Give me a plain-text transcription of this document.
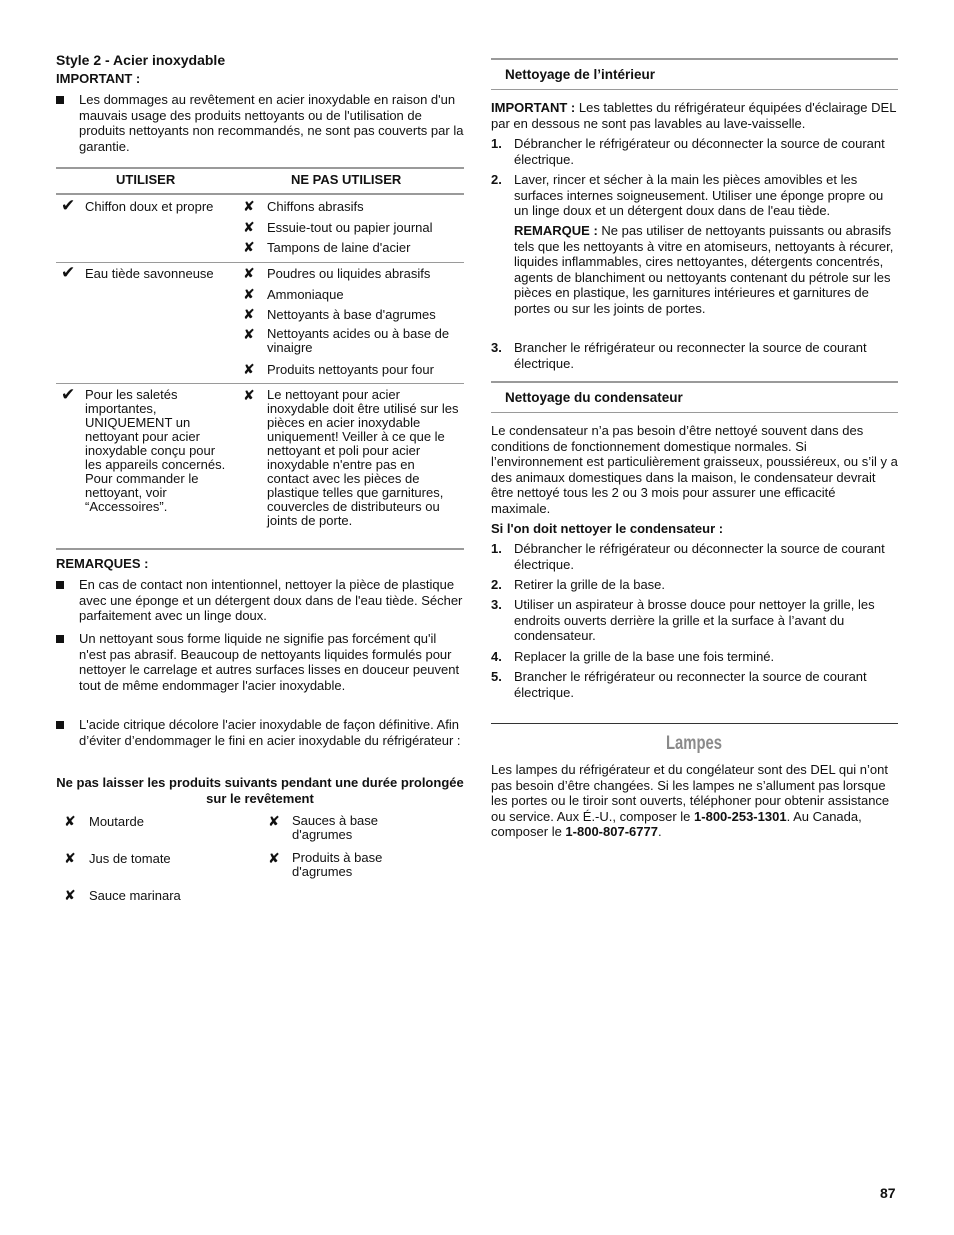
Style 2 - Acier inoxydable
IMPORTANT :

Les dommages au revêtement en acier inoxydable en raison d'un mauvais usage des produits nettoyants ou de l'utilisation de produits nettoyants non recommandés, ne sont pas couverts par la garantie.

UTILISER	NE PAS UTILISER
✔ Chiffon doux et propre	✘ Chiffons abrasifs
✘ Essuie-tout ou papier journal
✘ Tampons de laine d'acier
✔ Eau tiède savonneuse	✘ Poudres ou liquides abrasifs
✘ Ammoniaque
✘ Nettoyants à base d'agrumes
✘ Nettoyants acides ou à base de vinaigre
✘ Produits nettoyants pour four
✔ Pour les saletés importantes, UNIQUEMENT un nettoyant pour acier inoxydable conçu pour les appareils concernés. Pour commander le nettoyant, voir “Accessoires”.
✘ Le nettoyant pour acier inoxydable doit être utilisé sur les pièces en acier inoxydable uniquement! Veiller à ce que le nettoyant et poli pour acier inoxydable n'entre pas en contact avec les pièces de plastique telles que garnitures, couvercles de distributeurs ou joints de porte.
REMARQUES :

En cas de contact non intentionnel, nettoyer la pièce de plastique avec une éponge et un détergent doux dans de l'eau tiède. Sécher parfaitement avec un linge doux.

Un nettoyant sous forme liquide ne signifie pas forcément qu'il n'est pas abrasif. Beaucoup de nettoyants liquides formulés pour nettoyer le carrelage et autres surfaces lisses en douceur peuvent tout de même endommager l'acier inoxydable.

L'acide citrique décolore l'acier inoxydable de façon définitive. Afin d’éviter d’endommager le fini en acier inoxydable du réfrigérateur :

Ne pas laisser les produits suivants pendant une durée prolongée sur le revêtement
✘ Moutarde	✘ Sauces à base d'agrumes
✘ Jus de tomate	✘ Produits à base d'agrumes
✘ Sauce marinara
Nettoyage de l’intérieur

IMPORTANT : Les tablettes du réfrigérateur équipées d'éclairage DEL par en dessous ne sont pas lavables au lave-vaisselle.

1. Débrancher le réfrigérateur ou déconnecter la source de courant électrique.

2. Laver, rincer et sécher à la main les pièces amovibles et les surfaces internes soigneusement. Utiliser une éponge propre ou un linge doux et un détergent doux dans de l'eau tiède.

REMARQUE : Ne pas utiliser de nettoyants puissants ou abrasifs tels que les nettoyants à vitre en atomiseurs, nettoyants à récurer, liquides inflammables, cires nettoyantes, détergents concentrés, agents de blanchiment ou nettoyants contenant du pétrole sur les pièces en plastique, les garnitures intérieures et garnitures de portes ou sur les joints de portes.

3. Brancher le réfrigérateur ou reconnecter la source de courant électrique.

Nettoyage du condensateur

Le condensateur n’a pas besoin d’être nettoyé souvent dans des conditions de fonctionnement domestique normales. Si l’environnement est particulièrement graisseux, poussiéreux, ou s’il y a des animaux domestiques dans la maison, le condensateur devrait être nettoyé tous les 2 ou 3 mois pour assurer une efficacité maximale.

Si l'on doit nettoyer le condensateur :
1. Débrancher le réfrigérateur ou déconnecter la source de courant électrique.

2. Retirer la grille de la base.

3. Utiliser un aspirateur à brosse douce pour nettoyer la grille, les endroits ouverts derrière la grille et la surface à l’avant du condensateur.

4. Replacer la grille de la base une fois terminé.

5. Brancher le réfrigérateur ou reconnecter la source de courant électrique.

Lampes

Les lampes du réfrigérateur et du congélateur sont des DEL qui n’ont pas besoin d’être changées. Si les lampes ne s’allument pas lorsque les portes ou le tiroir sont ouverts, téléphoner pour obtenir assistance ou service. Aux É.-U., composer le 1-800-253-1301. Au Canada, composer le 1-800-807-6777.

87
